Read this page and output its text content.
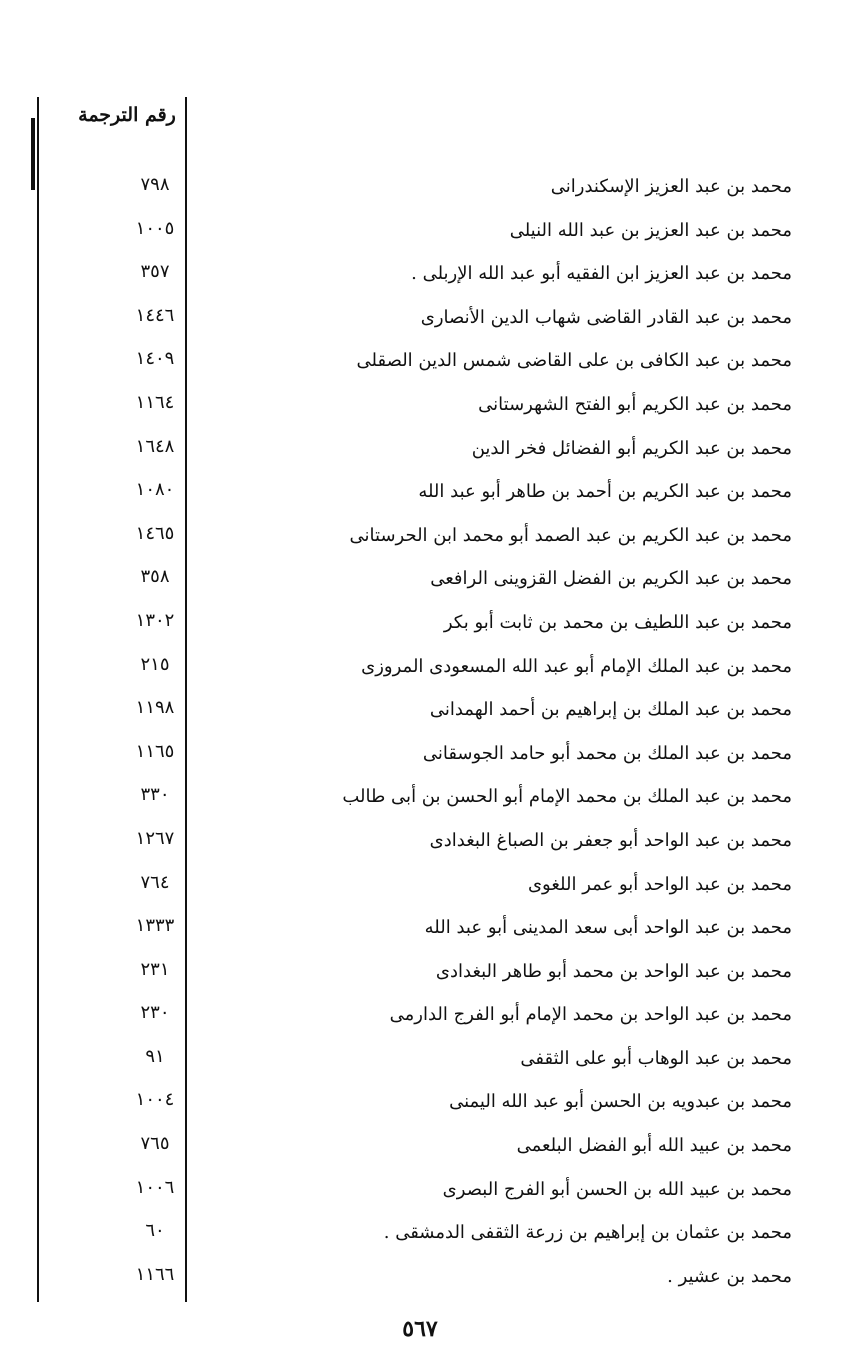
رقم الترجمة
٧٩٨	محمد بن عبد العزيز الإسكندرانى
١٠٠٥	محمد بن عبد العزيز بن عبد الله النيلى
٣٥٧	محمد بن عبد العزيز ابن الفقيه أبو عبد الله الإربلى .
١٤٤٦	محمد بن عبد القادر القاضى شهاب الدين الأنصارى
١٤٠٩	محمد بن عبد الكافى بن على القاضى شمس الدين الصقلى
١١٦٤	محمد بن عبد الكريم أبو الفتح الشهرستانى
١٦٤٨	محمد بن عبد الكريم أبو الفضائل فخر الدين
١٠٨٠	محمد بن عبد الكريم بن أحمد بن طاهر أبو عبد الله
١٤٦٥	محمد بن عبد الكريم بن عبد الصمد أبو محمد ابن الحرستانى
٣٥٨	محمد بن عبد الكريم بن الفضل القزوينى الرافعى
١٣٠٢	محمد بن عبد اللطيف بن محمد بن ثابت أبو بكر
٢١٥	محمد بن عبد الملك الإمام أبو عبد الله المسعودى المروزى
١١٩٨	محمد بن عبد الملك بن إبراهيم بن أحمد الهمدانى
١١٦٥	محمد بن عبد الملك بن محمد أبو حامد الجوسقانى
٣٣٠	محمد بن عبد الملك بن محمد الإمام أبو الحسن بن أبى طالب
١٢٦٧	محمد بن عبد الواحد أبو جعفر بن الصباغ البغدادى
٧٦٤	محمد بن عبد الواحد أبو عمر اللغوى
١٣٣٣	محمد بن عبد الواحد أبى سعد المدينى أبو عبد الله
٢٣١	محمد بن عبد الواحد بن محمد أبو طاهر البغدادى
٢٣٠	محمد بن عبد الواحد بن محمد الإمام أبو الفرج الدارمى
٩١	محمد بن عبد الوهاب أبو على الثقفى
١٠٠٤	محمد بن عبدويه بن الحسن أبو عبد الله اليمنى
٧٦٥	محمد بن عبيد الله أبو الفضل البلعمى
١٠٠٦	محمد بن عبيد الله بن الحسن أبو الفرج البصرى
٦٠	محمد بن عثمان بن إبراهيم بن زرعة الثقفى الدمشقى .
١١٦٦	محمد بن عشير .
٥٦٧
